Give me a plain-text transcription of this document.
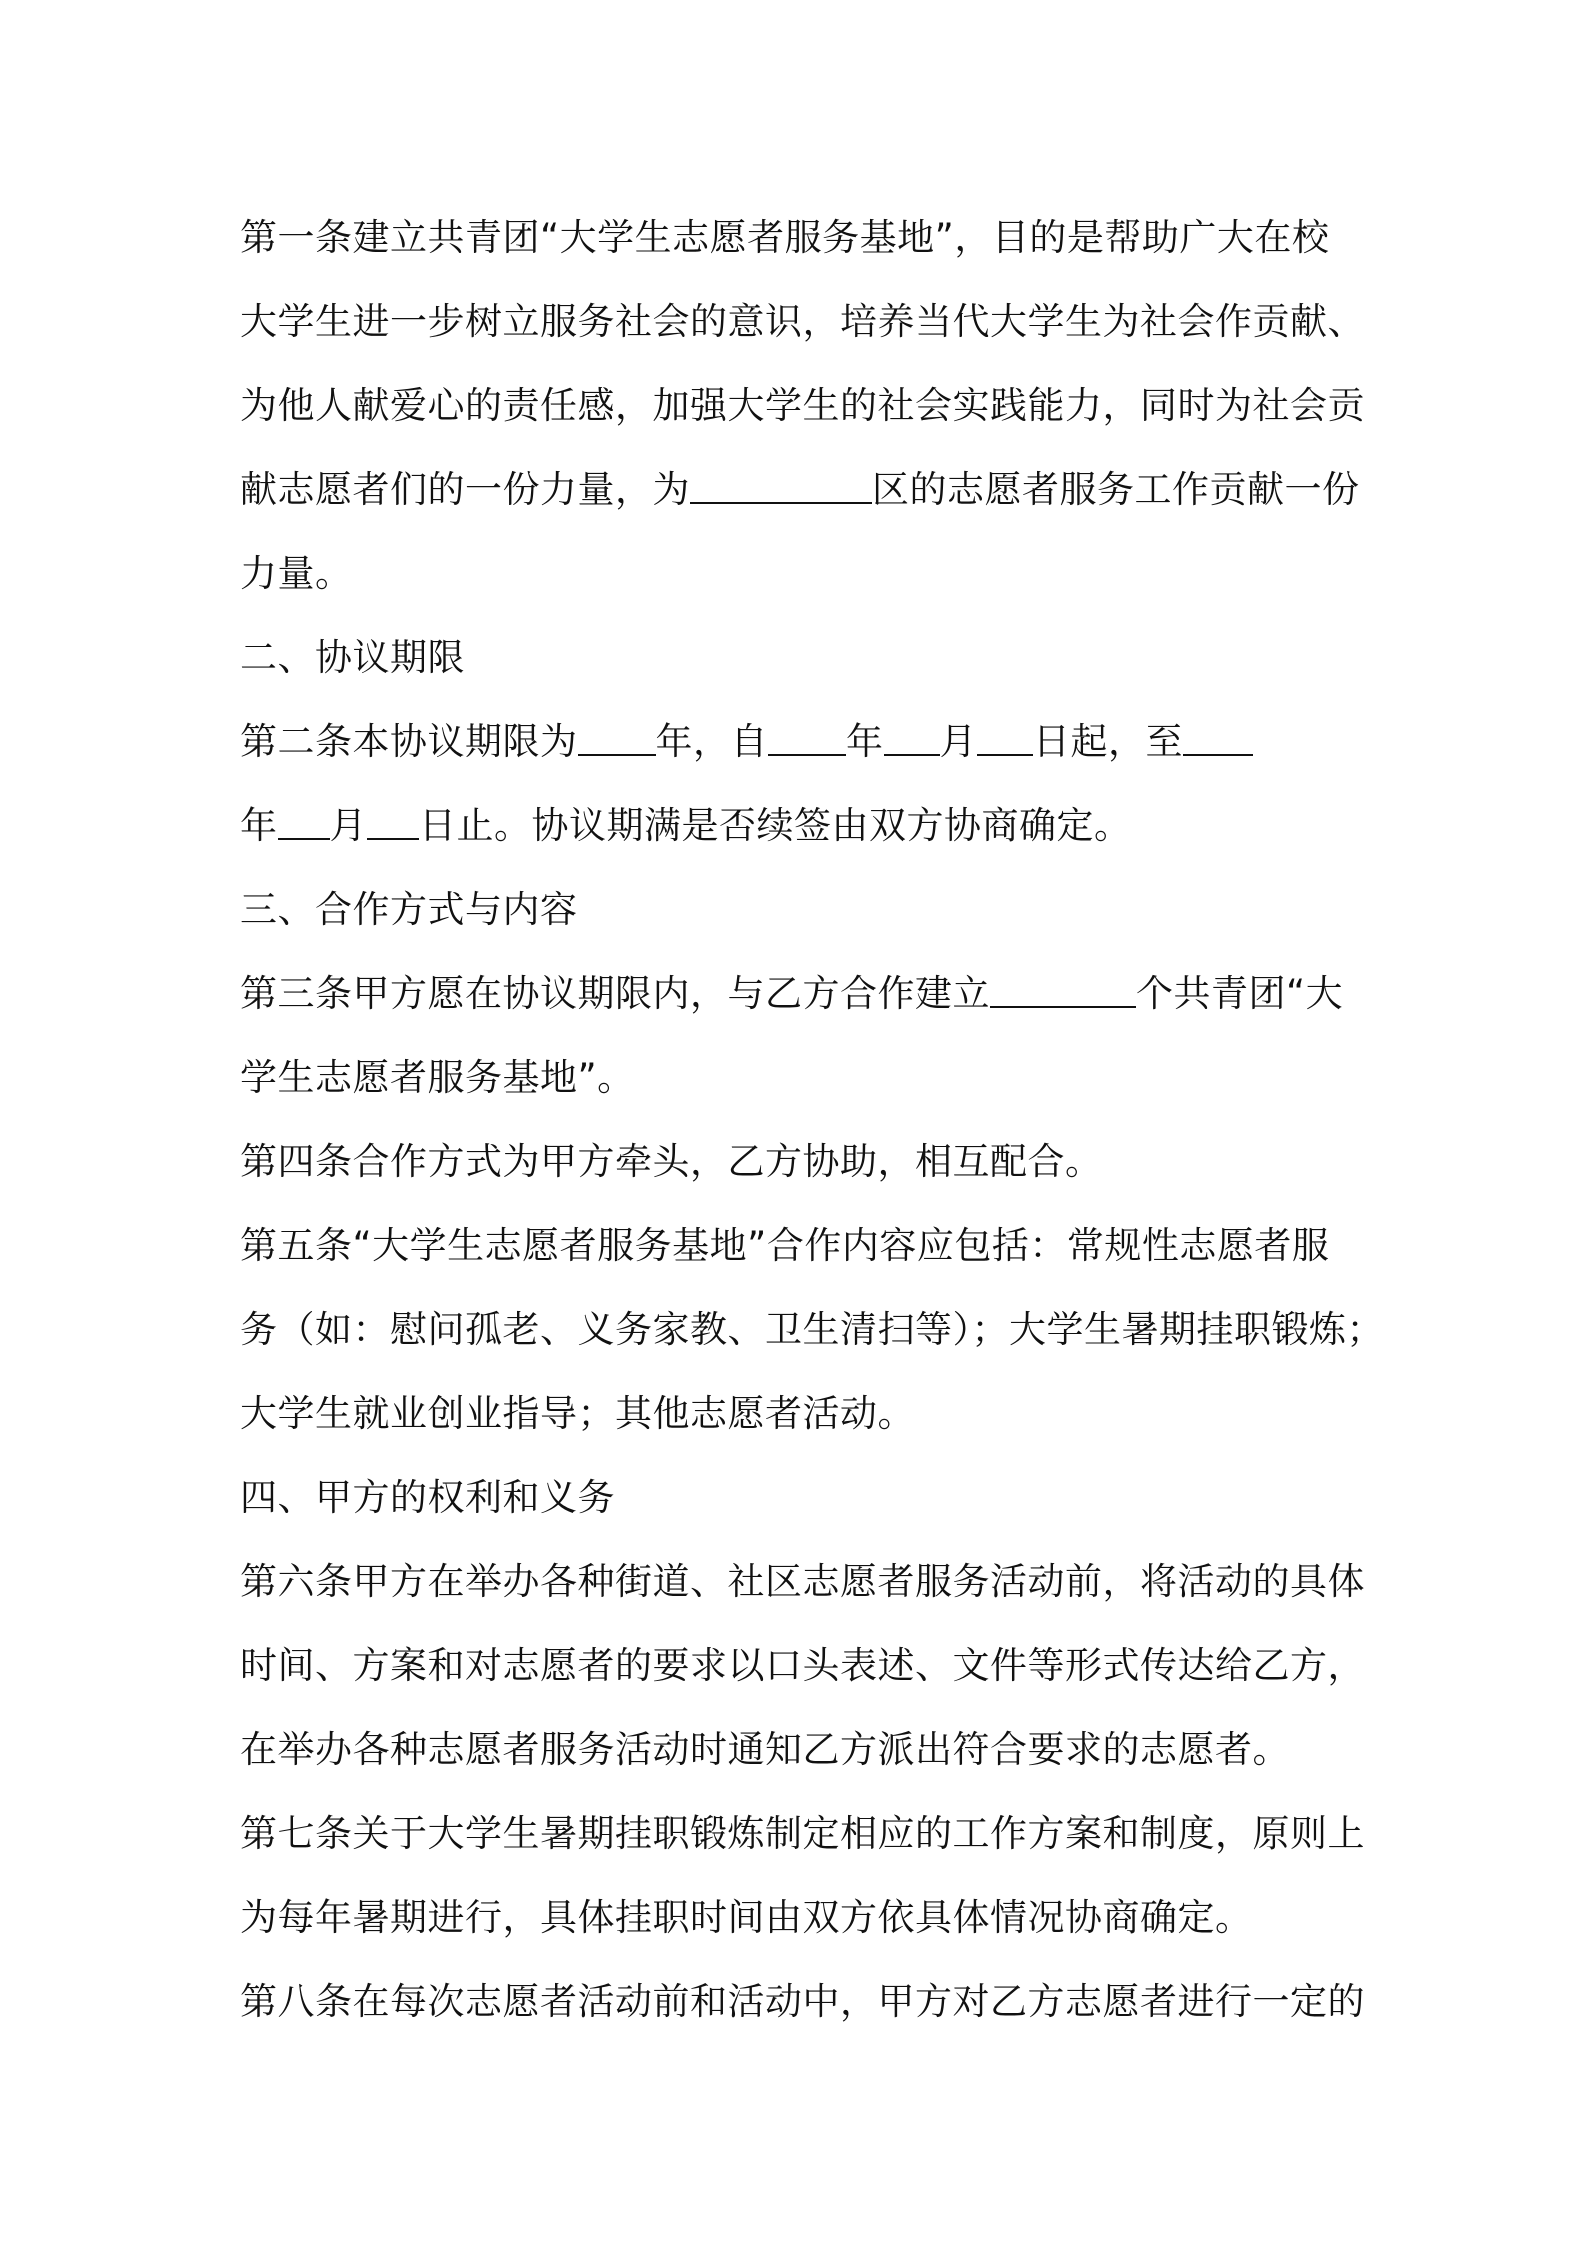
第一条建立共青团“大学生志愿者服务基地”，目的是帮助广大在校
大学生进一步树立服务社会的意识，培养当代大学生为社会作贡献、
为他人献爱心的责任感，加强大学生的社会实践能力，同时为社会贡
献志愿者们的一份力量，为	区的志愿者服务工作贡献一份
力量。
二、协议期限
第二条本协议期限为 年，自 年 月 日起，至
年 月 日止。协议期满是否续签由双方协商确定。
三、合作方式与内容
第三条甲方愿在协议期限内，与乙方合作建立	个共青团“大
学生志愿者服务基地”。
第四条合作方式为甲方牵头，乙方协助，相互配合。
第五条“大学生志愿者服务基地”合作内容应包括：常规性志愿者服
务（如：慰问孤老、义务家教、卫生清扫等）；大学生暑期挂职锻炼；
大学生就业创业指导；其他志愿者活动。
四、甲方的权利和义务
第六条甲方在举办各种街道、社区志愿者服务活动前，将活动的具体
时间、方案和对志愿者的要求以口头表述、文件等形式传达给乙方，
在举办各种志愿者服务活动时通知乙方派出符合要求的志愿者。
第七条关于大学生暑期挂职锻炼制定相应的工作方案和制度，原则上
为每年暑期进行，具体挂职时间由双方依具体情况协商确定。
第八条在每次志愿者活动前和活动中，甲方对乙方志愿者进行一定的
